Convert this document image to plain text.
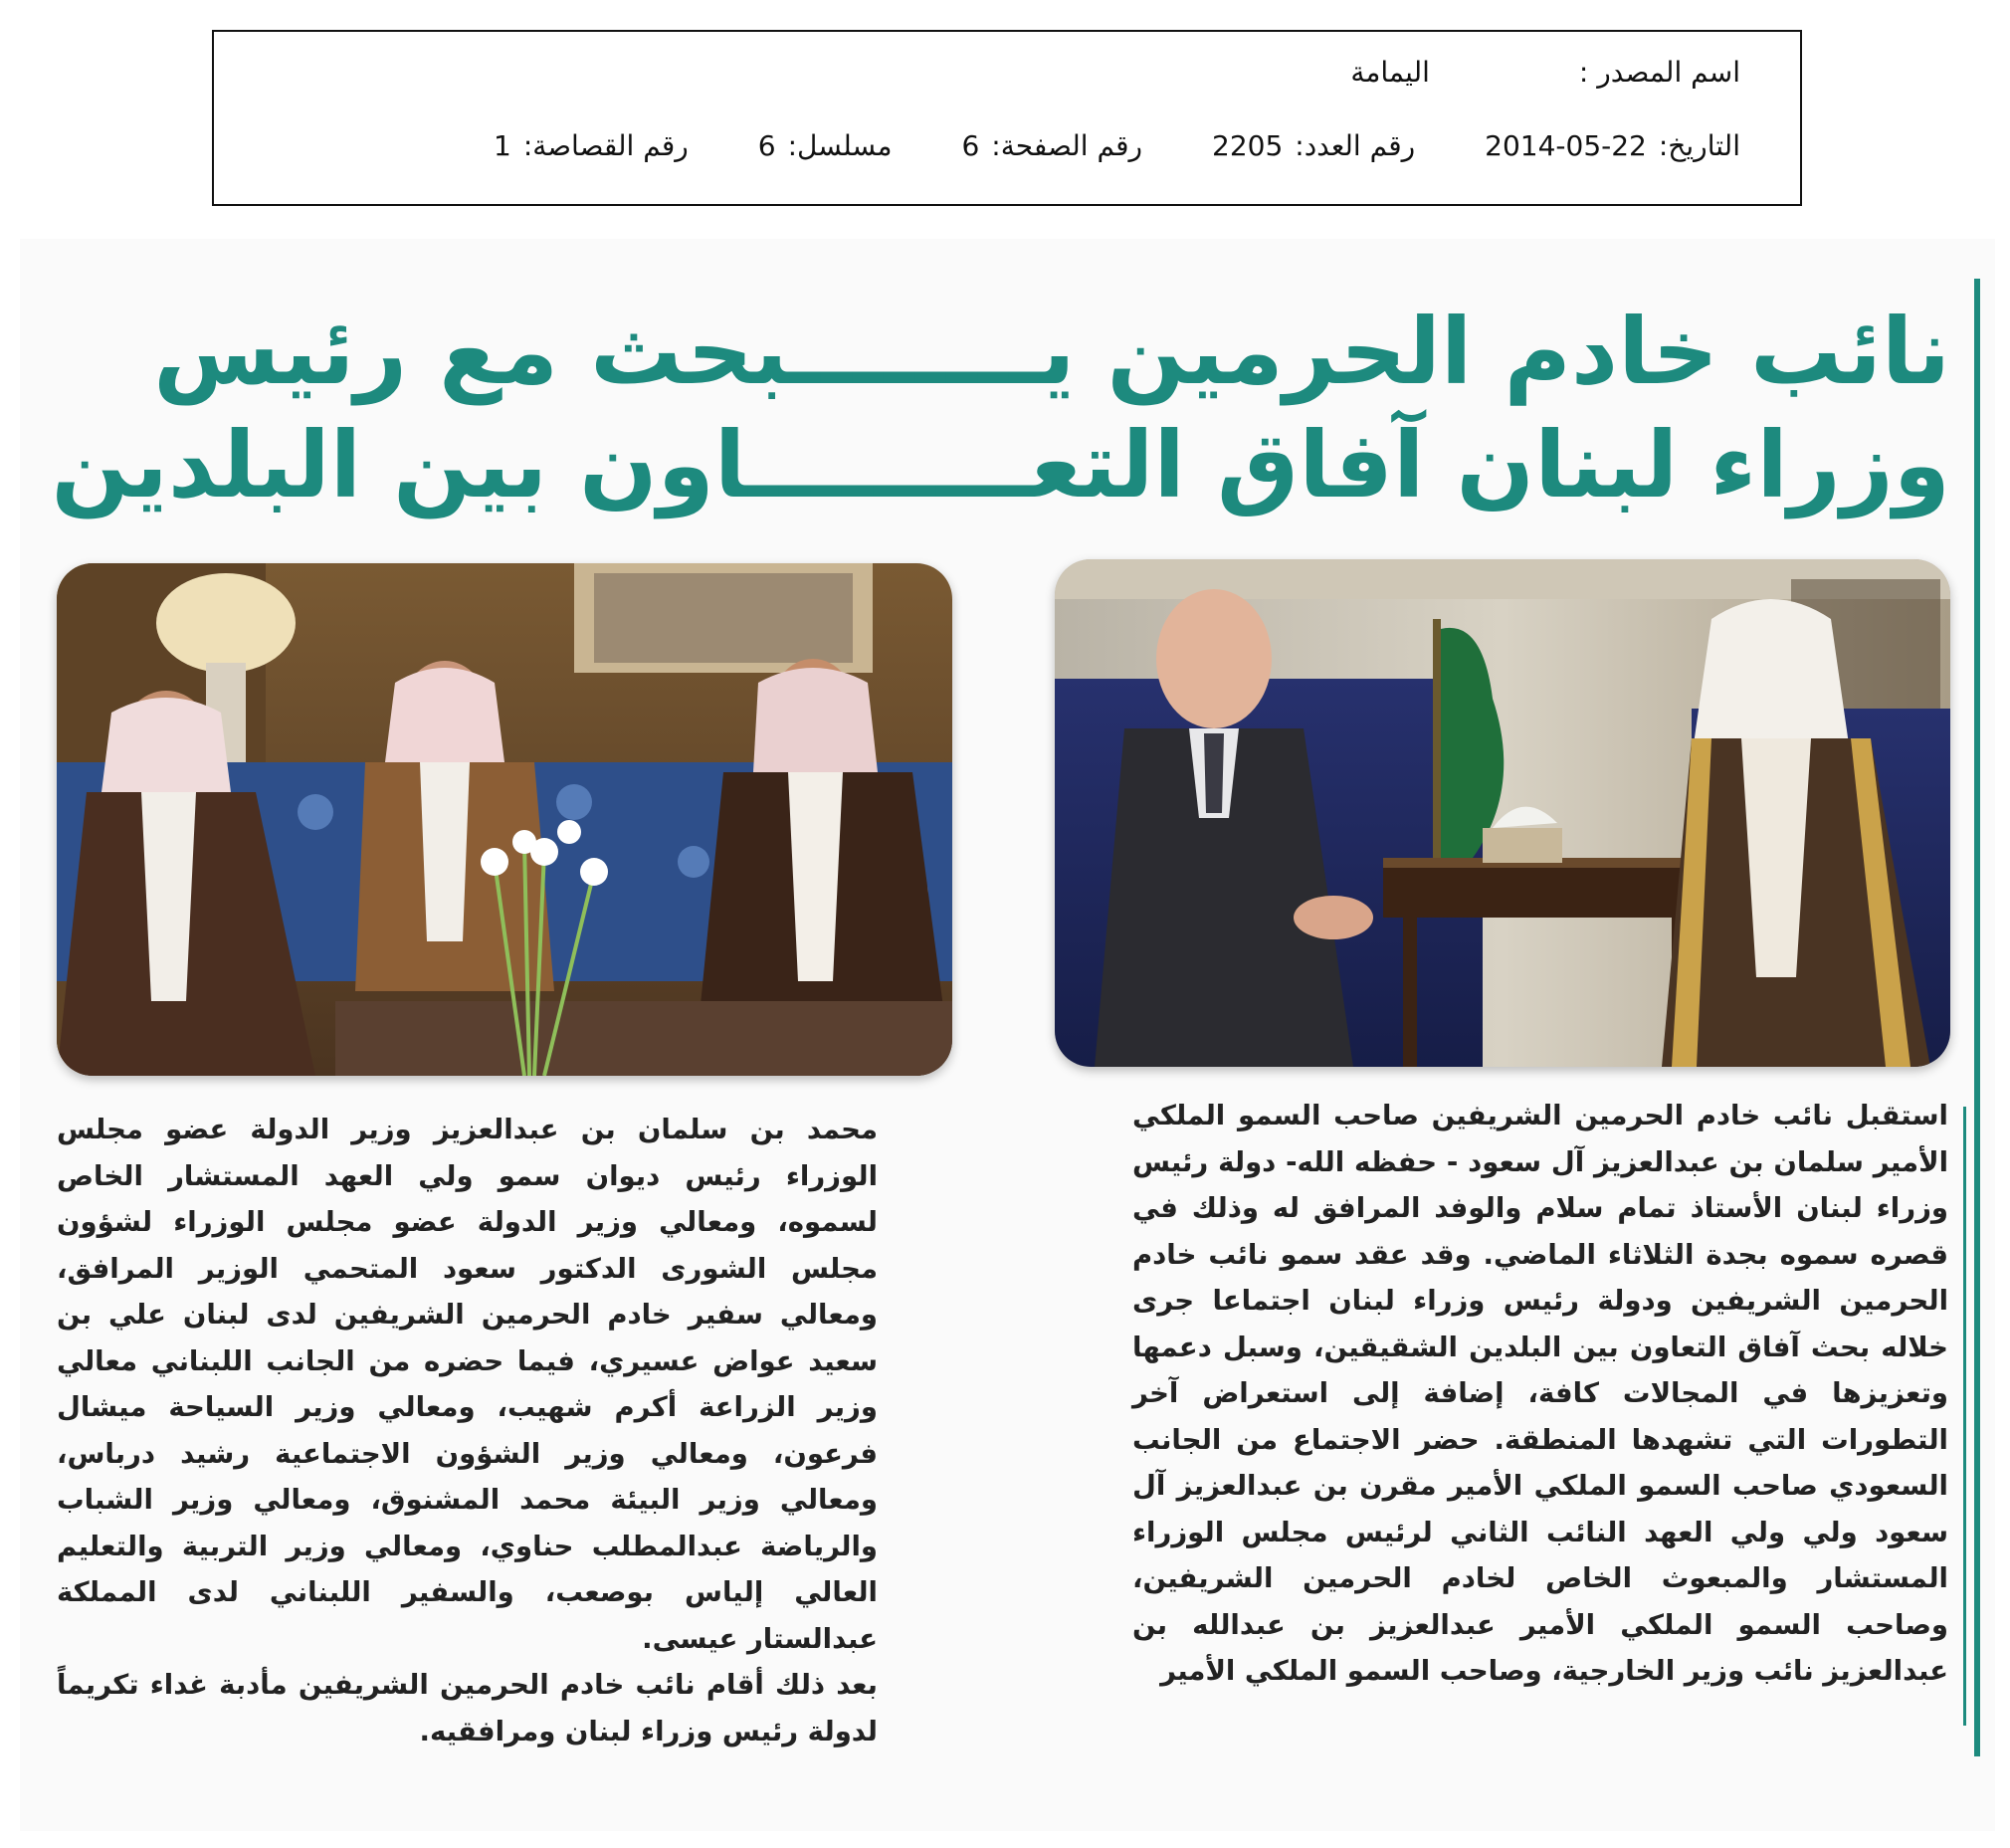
اسم المصدر :اليمامة
التاريخ:2014-05-22رقم العدد:2205رقم الصفحة:6مسلسل:6رقم القصاصة:1
نائب خادم الحرمين يــــــــبحث مع رئيس
وزراء لبنان آفاق التعـــــــــاون بين البلدين

استقبل نائب خادم الحرمين الشريفين صاحب السمو الملكي الأمير سلمان بن عبدالعزيز آل سعود - حفظه الله- دولة رئيس وزراء لبنان الأستاذ تمام سلام والوفد المرافق له وذلك في قصره سموه بجدة الثلاثاء الماضي. وقد عقد سمو نائب خادم الحرمين الشريفين ودولة رئيس وزراء لبنان اجتماعا جرى خلاله بحث آفاق التعاون بين البلدين الشقيقين، وسبل دعمها وتعزيزها في المجالات كافة، إضافة إلى استعراض آخر التطورات التي تشهدها المنطقة. حضر الاجتماع من الجانب السعودي صاحب السمو الملكي الأمير مقرن بن عبدالعزيز آل سعود ولي ولي العهد النائب الثاني لرئيس مجلس الوزراء المستشار والمبعوث الخاص لخادم الحرمين الشريفين، وصاحب السمو الملكي الأمير عبدالعزيز بن عبدالله بن عبدالعزيز نائب وزير الخارجية، وصاحب السمو الملكي الأمير

محمد بن سلمان بن عبدالعزيز وزير الدولة عضو مجلس الوزراء رئيس ديوان سمو ولي العهد المستشار الخاص لسموه، ومعالي وزير الدولة عضو مجلس الوزراء لشؤون مجلس الشورى الدكتور سعود المتحمي الوزير المرافق، ومعالي سفير خادم الحرمين الشريفين لدى لبنان علي بن سعيد عواض عسيري، فيما حضره من الجانب اللبناني معالي وزير الزراعة أكرم شهيب، ومعالي وزير السياحة ميشال فرعون، ومعالي وزير الشؤون الاجتماعية رشيد درباس، ومعالي وزير البيئة محمد المشنوق، ومعالي وزير الشباب والرياضة عبدالمطلب حناوي، ومعالي وزير التربية والتعليم العالي إلياس بوصعب، والسفير اللبناني لدى المملكة عبدالستار عيسى.

بعد ذلك أقام نائب خادم الحرمين الشريفين مأدبة غداء تكريماً لدولة رئيس وزراء لبنان ومرافقيه.
